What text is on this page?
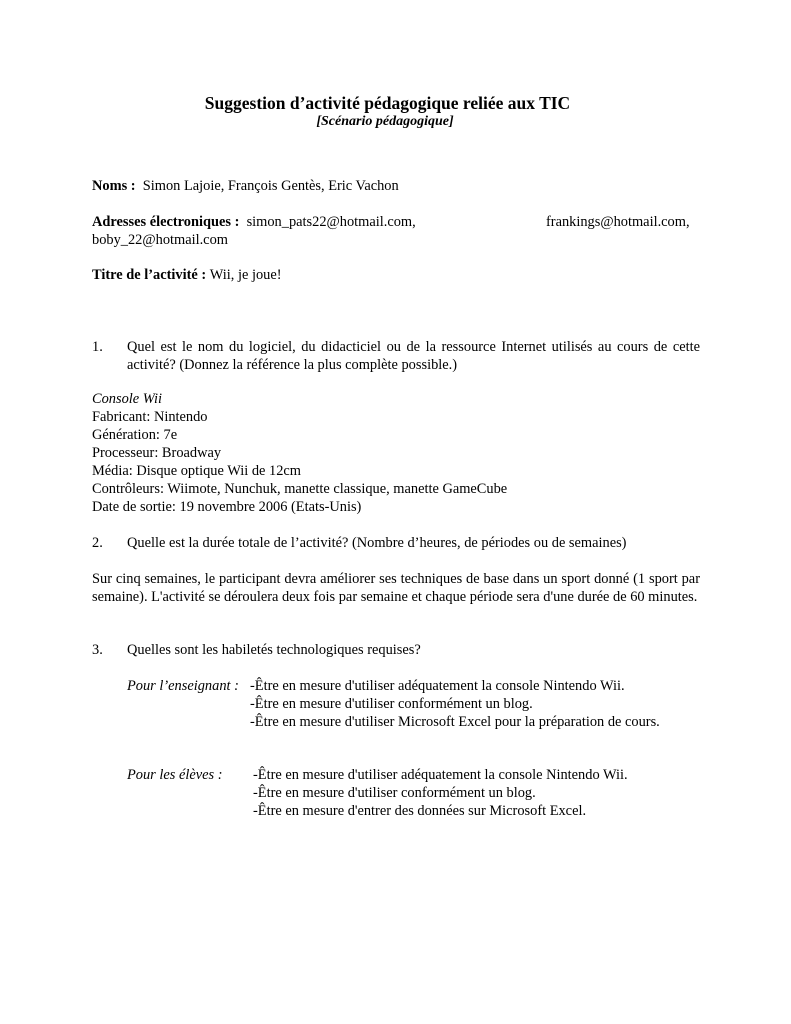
Suggestion d’activité pédagogique reliée aux TIC
[Scénario pédagogique]
Noms : Simon Lajoie, François Gentès, Eric Vachon
Adresses électroniques : simon_pats22@hotmail.com,	frankings@hotmail.com,
boby_22@hotmail.com
Titre de l’activité : Wii, je joue!
1. Quel est le nom du logiciel, du didacticiel ou de la ressource Internet utilisés au cours de cette activité? (Donnez la référence la plus complète possible.)
Console Wii
Fabricant: Nintendo
Génération: 7e
Processeur: Broadway
Média: Disque optique Wii de 12cm
Contrôleurs: Wiimote, Nunchuk, manette classique, manette GameCube
Date de sortie: 19 novembre 2006 (Etats-Unis)
2. Quelle est la durée totale de l’activité? (Nombre d’heures, de périodes ou de semaines)
Sur cinq semaines, le participant devra améliorer ses techniques de base dans un sport donné (1 sport par semaine). L'activité se déroulera deux fois par semaine et chaque période sera d'une durée de 60 minutes.
3. Quelles sont les habiletés technologiques requises?
Pour l’enseignant : -Être en mesure d'utiliser adéquatement la console Nintendo Wii.
-Être en mesure d'utiliser conformément un blog.
-Être en mesure d'utiliser Microsoft Excel pour la préparation de cours.
Pour les élèves : -Être en mesure d'utiliser adéquatement la console Nintendo Wii.
-Être en mesure d'utiliser conformément un blog.
-Être en mesure d'entrer des données sur Microsoft Excel.
